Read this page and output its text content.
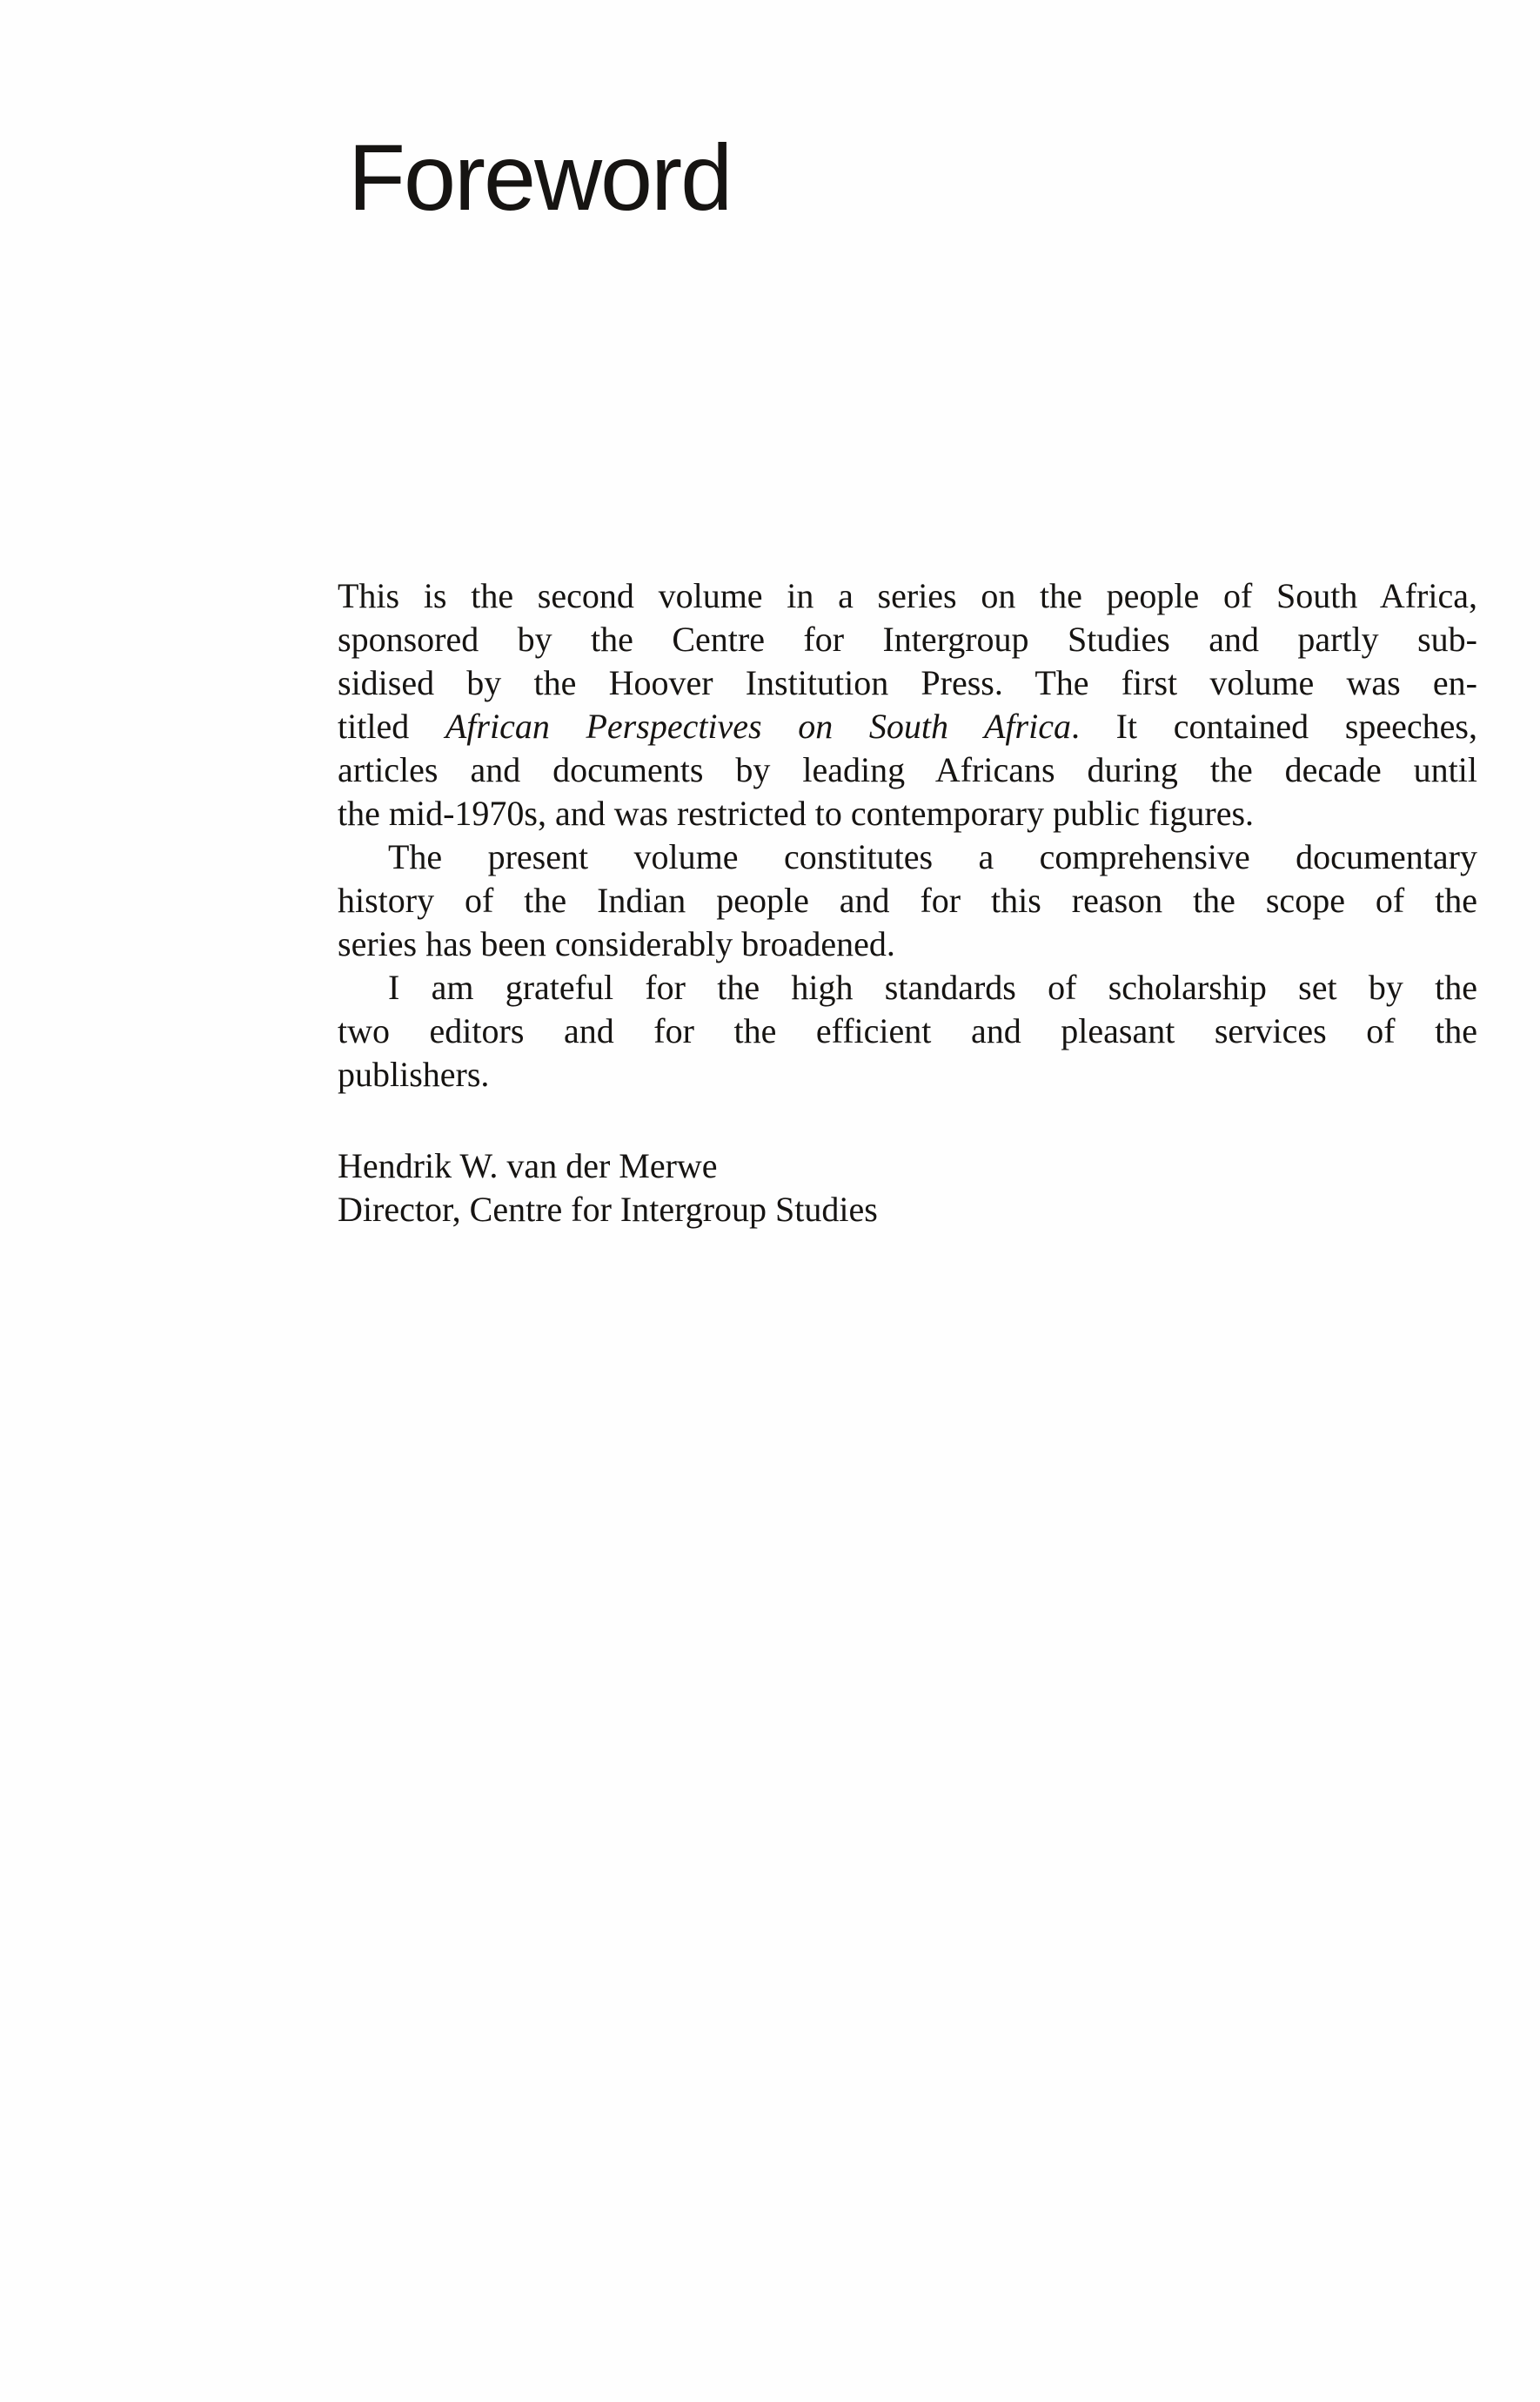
Foreword

This is the second volume in a series on the people of South Africa,
sponsored by the Centre for Intergroup Studies and partly sub-
sidised by the Hoover Institution Press. The first volume was en-
titled African Perspectives on South Africa. It contained speeches,
articles and documents by leading Africans during the decade until
the mid-1970s, and was restricted to contemporary public figures.

The present volume constitutes a comprehensive documentary
history of the Indian people and for this reason the scope of the
series has been considerably broadened.

I am grateful for the high standards of scholarship set by the
two editors and for the efficient and pleasant services of the
publishers.

Hendrik W. van der Merwe
Director, Centre for Intergroup Studies
